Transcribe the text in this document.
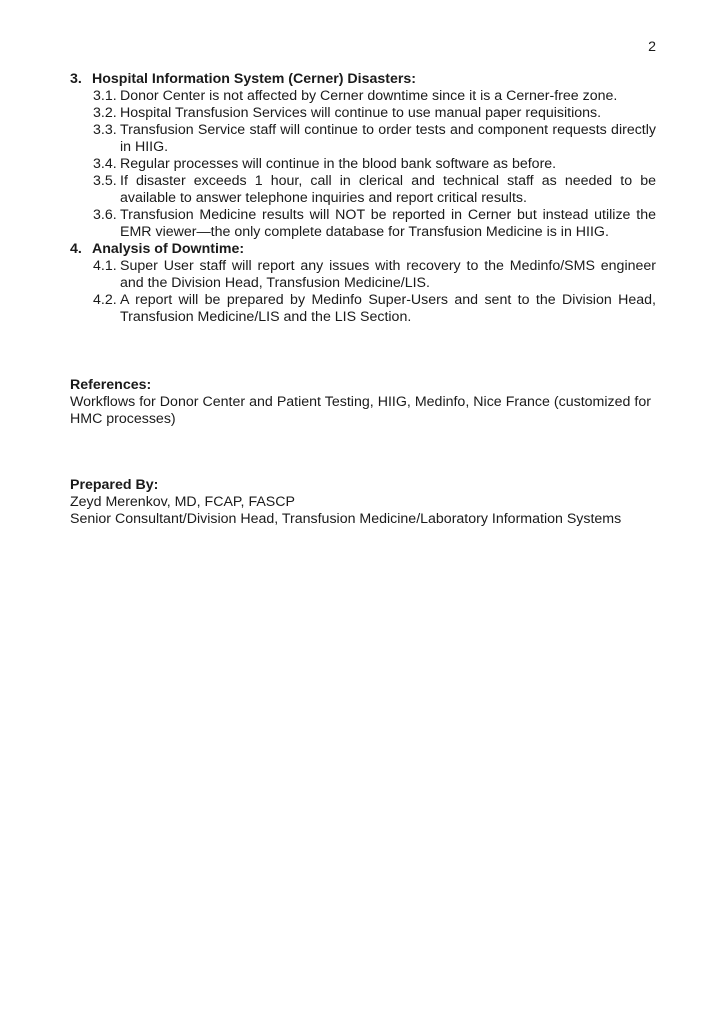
2
3. Hospital Information System (Cerner) Disasters:
3.1. Donor Center is not affected by Cerner downtime since it is a Cerner-free zone.
3.2. Hospital Transfusion Services will continue to use manual paper requisitions.
3.3. Transfusion Service staff will continue to order tests and component requests directly in HIIG.
3.4. Regular processes will continue in the blood bank software as before.
3.5. If disaster exceeds 1 hour, call in clerical and technical staff as needed to be available to answer telephone inquiries and report critical results.
3.6. Transfusion Medicine results will NOT be reported in Cerner but instead utilize the EMR viewer—the only complete database for Transfusion Medicine is in HIIG.
4. Analysis of Downtime:
4.1. Super User staff will report any issues with recovery to the Medinfo/SMS engineer and the Division Head, Transfusion Medicine/LIS.
4.2. A report will be prepared by Medinfo Super-Users and sent to the Division Head, Transfusion Medicine/LIS and the LIS Section.
References:
Workflows for Donor Center and Patient Testing, HIIG, Medinfo, Nice France (customized for HMC processes)
Prepared By:
Zeyd Merenkov, MD, FCAP, FASCP
Senior Consultant/Division Head, Transfusion Medicine/Laboratory Information Systems
